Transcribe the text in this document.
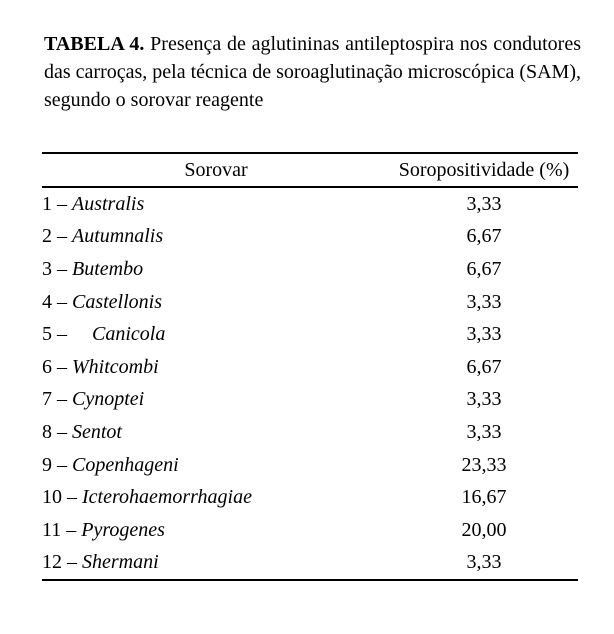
TABELA 4. Presença de aglutininas antileptospira nos condutores
das carroças, pela técnica de soroaglutinação microscópica (SAM),
segundo o sorovar reagente
Sorovar	Soropositividade (%)
1 – Australis	3,33
2 – Autumnalis	6,67
3 – Butembo	6,67
4 – Castellonis	3,33
5 –     Canicola	3,33
6 – Whitcombi	6,67
7 – Cynoptei	3,33
8 – Sentot	3,33
9 – Copenhageni	23,33
10 – Icterohaemorrhagiae	16,67
11 – Pyrogenes	20,00
12 – Shermani	3,33
